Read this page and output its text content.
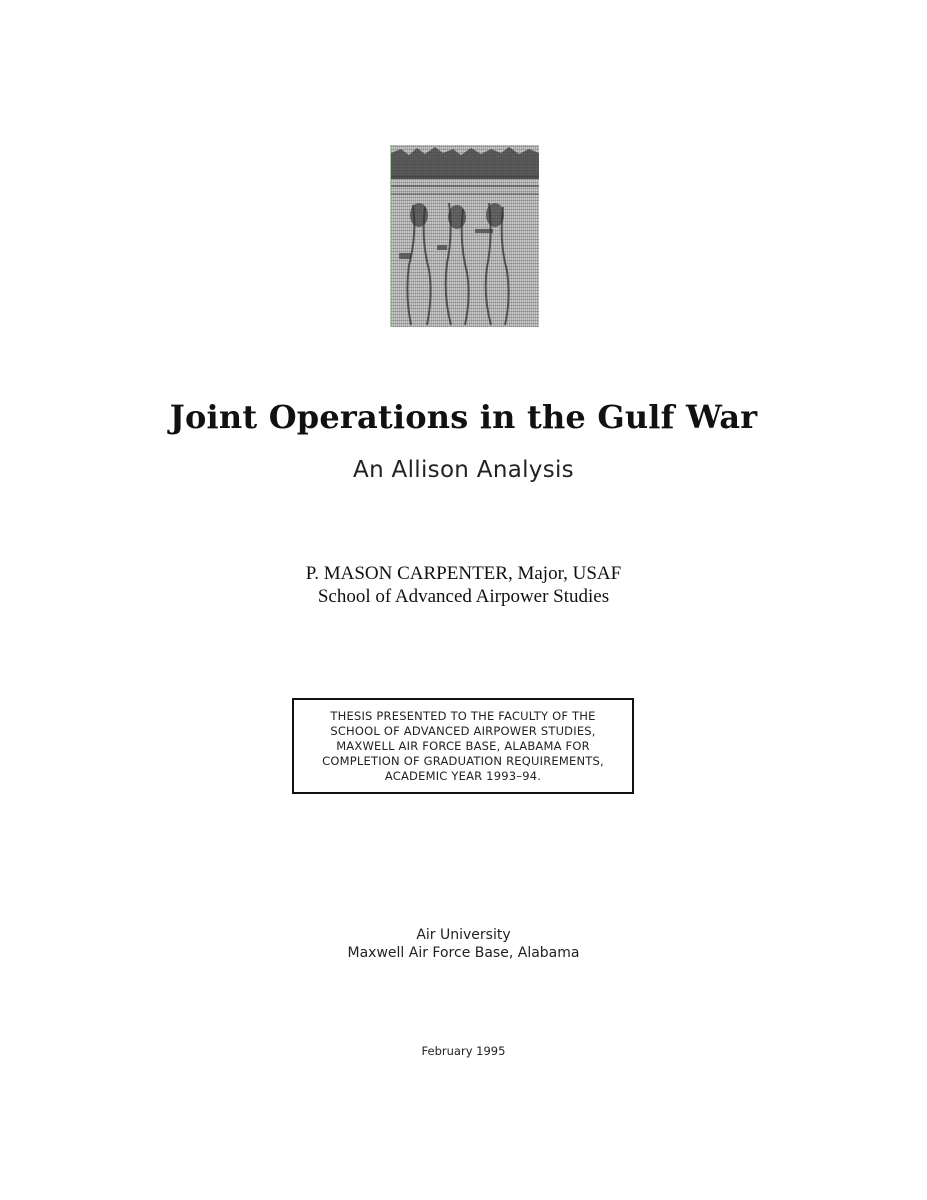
Joint Operations in the Gulf War
An Allison Analysis
P. MASON CARPENTER, Major, USAF
School of Advanced Airpower Studies
THESIS PRESENTED TO THE FACULTY OF THE
SCHOOL OF ADVANCED AIRPOWER STUDIES,
MAXWELL AIR FORCE BASE, ALABAMA FOR
COMPLETION OF GRADUATION REQUIREMENTS,
ACADEMIC YEAR 1993–94.
Air University
Maxwell Air Force Base, Alabama
February 1995
